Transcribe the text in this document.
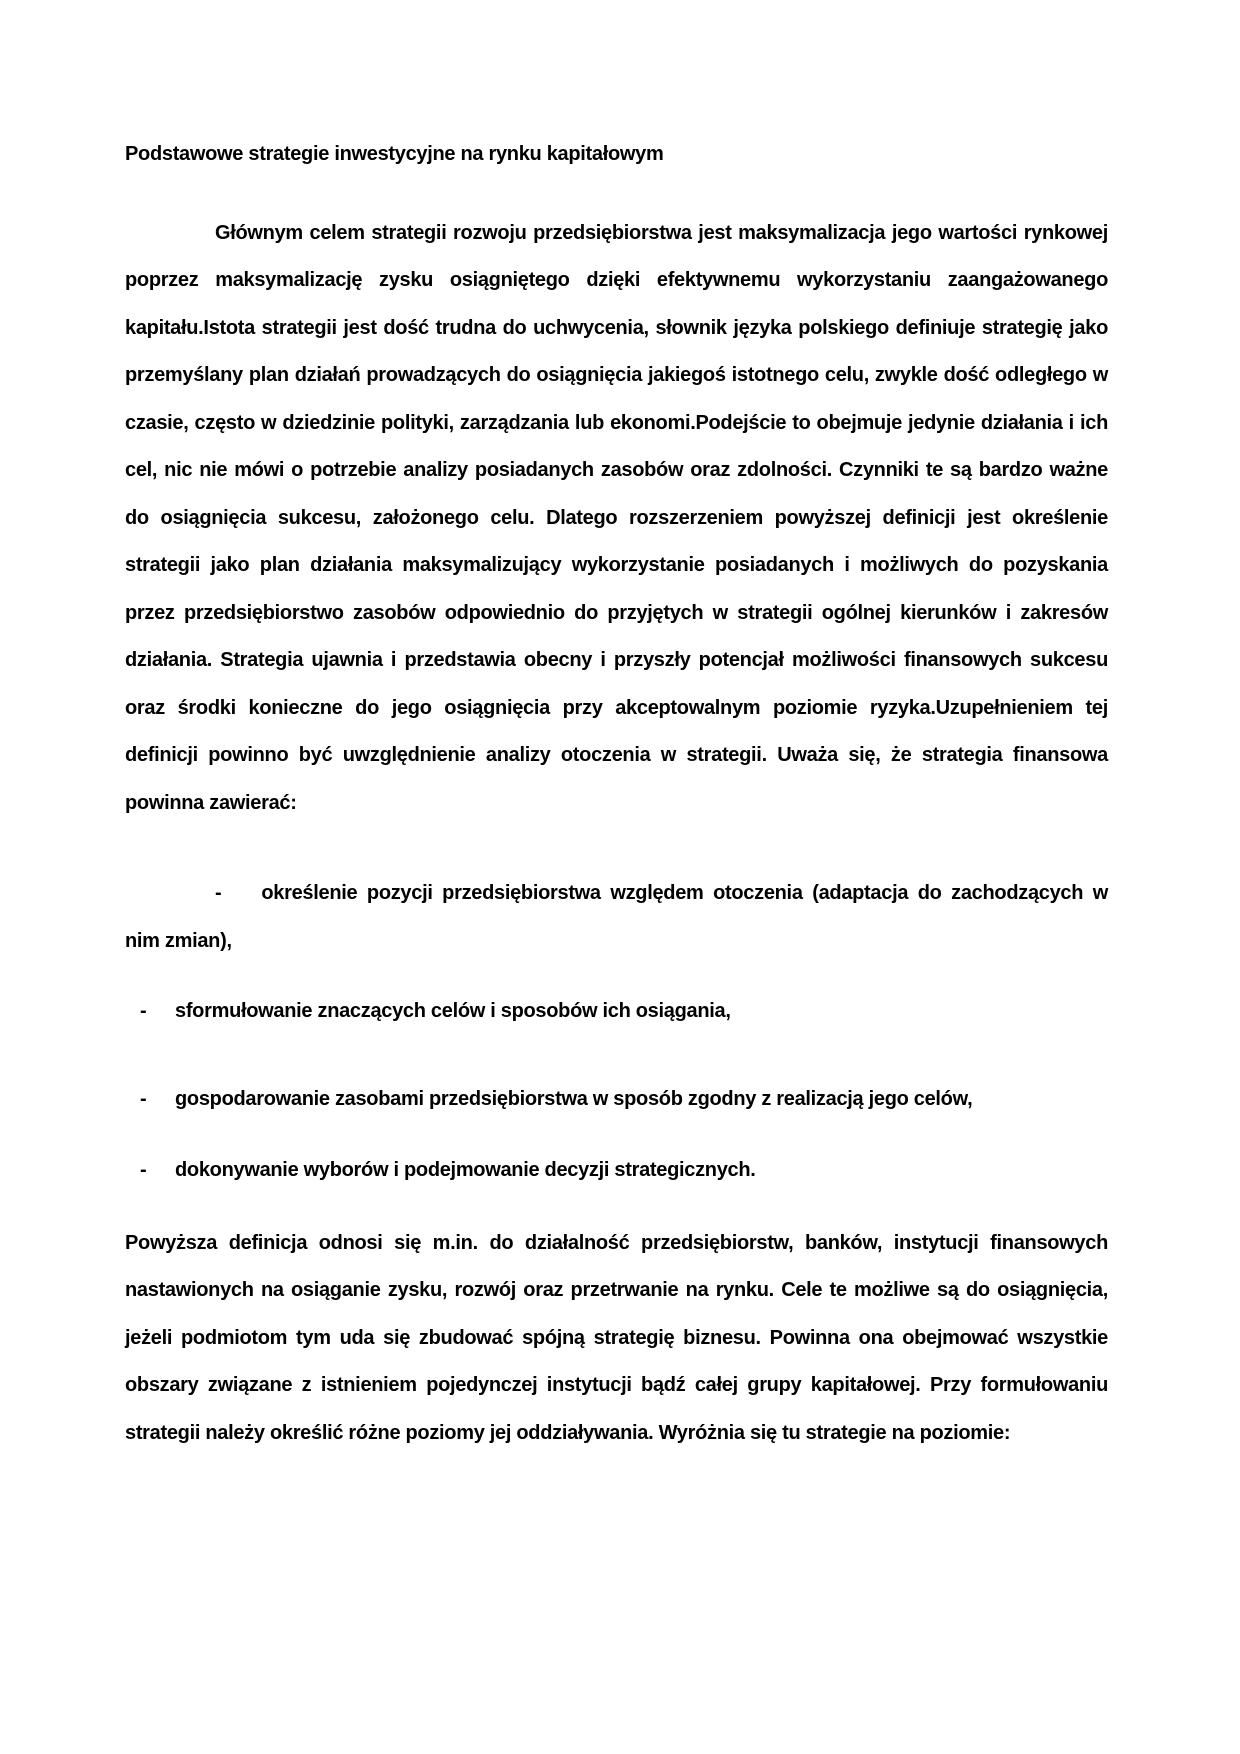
Podstawowe strategie inwestycyjne na rynku kapitałowym

Głównym celem strategii rozwoju przedsiębiorstwa jest maksymalizacja jego wartości rynkowej poprzez maksymalizację zysku osiągniętego dzięki efektywnemu wykorzystaniu zaangażowanego kapitału.Istota strategii jest dość trudna do uchwycenia, słownik języka polskiego definiuje strategię jako przemyślany plan działań prowadzących do osiągnięcia jakiegoś istotnego celu, zwykle dość odległego w czasie, często w dziedzinie polityki, zarządzania lub ekonomi.Podejście to obejmuje jedynie działania i ich cel, nic nie mówi o potrzebie analizy posiadanych zasobów oraz zdolności. Czynniki te są bardzo ważne do osiągnięcia sukcesu, założonego celu. Dlatego rozszerzeniem powyższej definicji jest określenie strategii jako plan działania maksymalizujący wykorzystanie posiadanych i możliwych do pozyskania przez przedsiębiorstwo zasobów odpowiednio do przyjętych w strategii ogólnej kierunków i zakresów działania. Strategia ujawnia i przedstawia obecny i przyszły potencjał możliwości finansowych sukcesu oraz środki konieczne do jego osiągnięcia przy akceptowalnym poziomie ryzyka.Uzupełnieniem tej definicji powinno być uwzględnienie analizy otoczenia w strategii. Uważa się, że strategia finansowa powinna zawierać:

- określenie pozycji przedsiębiorstwa względem otoczenia (adaptacja do zachodzących w nim zmian),

-	sformułowanie znaczących celów i sposobów ich osiągania,
-	gospodarowanie zasobami przedsiębiorstwa w sposób zgodny z realizacją jego celów,
-	dokonywanie wyborów i podejmowanie decyzji strategicznych.

Powyższa definicja odnosi się m.in. do działalność przedsiębiorstw, banków, instytucji finansowych nastawionych na osiąganie zysku, rozwój oraz przetrwanie na rynku. Cele te możliwe są do osiągnięcia, jeżeli podmiotom tym uda się zbudować spójną strategię biznesu. Powinna ona obejmować wszystkie obszary związane z istnieniem pojedynczej instytucji bądź całej grupy kapitałowej. Przy formułowaniu strategii należy określić różne poziomy jej oddziaływania. Wyróżnia się tu strategie na poziomie:
